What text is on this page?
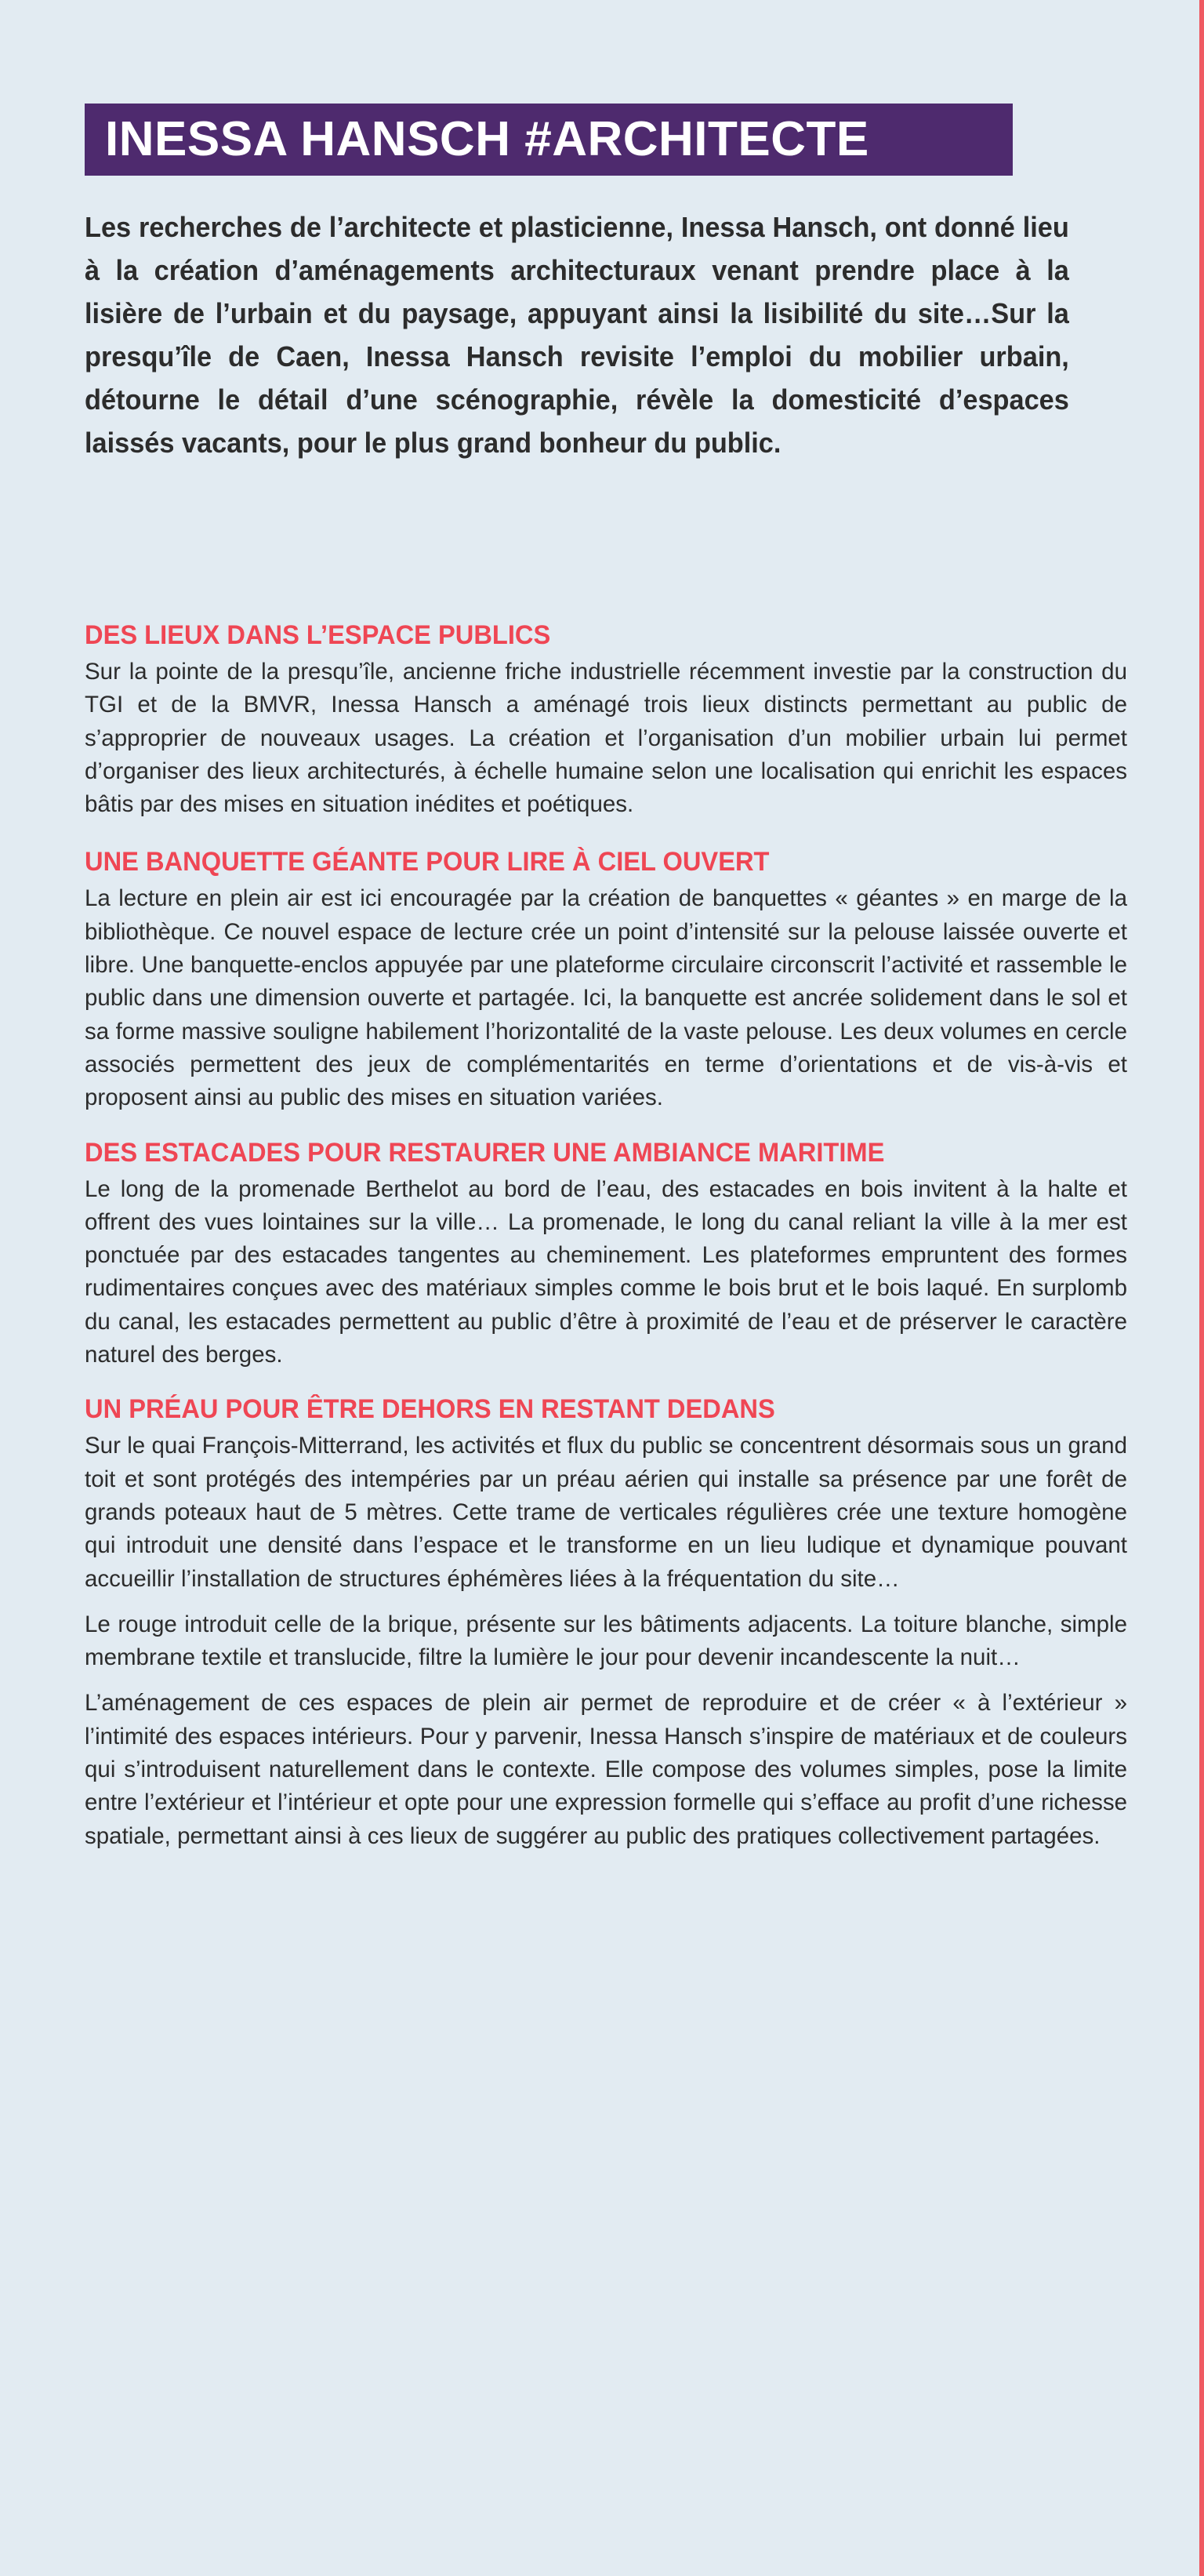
INESSA HANSCH #ARCHITECTE

Les recherches de l’architecte et plasticienne, Inessa Hansch, ont donné lieu à la création d’aménagements architecturaux venant prendre place à la lisière de l’urbain et du paysage, appuyant ainsi la lisibilité du site…Sur la presqu’île de Caen, Inessa Hansch revisite l’emploi du mobilier urbain, détourne le détail d’une scénographie, révèle la domesticité d’espaces laissés vacants, pour le plus grand bonheur du public.

DES LIEUX DANS L’ESPACE PUBLICS

Sur la pointe de la presqu’île, ancienne friche industrielle récemment investie par la construction du TGI et de la BMVR, Inessa Hansch a aménagé trois lieux distincts permettant au public de s’approprier de nouveaux usages. La création et l’organisation d’un mobilier urbain lui permet d’organiser des lieux architecturés, à échelle humaine selon une localisation qui enrichit les espaces bâtis par des mises en situation inédites et poétiques.

UNE BANQUETTE GÉANTE POUR LIRE À CIEL OUVERT

La lecture en plein air est ici encouragée par la création de banquettes « géantes » en marge de la bibliothèque. Ce nouvel espace de lecture crée un point d’intensité sur la pelouse laissée ouverte et libre. Une banquette-enclos appuyée par une plateforme circulaire circonscrit l’activité et rassemble le public dans une dimension ouverte et partagée. Ici, la banquette est ancrée solidement dans le sol et sa forme massive souligne habilement l’horizontalité de la vaste pelouse. Les deux volumes en cercle associés permettent des jeux de complémentarités en terme d’orientations et de vis-à-vis et proposent ainsi au public des mises en situation variées.

DES ESTACADES POUR RESTAURER UNE AMBIANCE MARITIME

Le long de la promenade Berthelot au bord de l’eau, des estacades en bois invitent à la halte et offrent des vues lointaines sur la ville… La promenade, le long du canal reliant la ville à la mer est ponctuée par des estacades tangentes au cheminement. Les plateformes empruntent des formes rudimentaires conçues avec des matériaux simples comme le bois brut et le bois laqué. En surplomb du canal, les estacades permettent au public d’être à proximité de l’eau et de préserver le caractère naturel des berges.

UN PRÉAU POUR ÊTRE DEHORS EN RESTANT DEDANS

Sur le quai François-Mitterrand, les activités et flux du public se concentrent désormais sous un grand toit et sont protégés des intempéries par un préau aérien qui installe sa présence par une forêt de grands poteaux haut de 5 mètres. Cette trame de verticales régulières crée une texture homogène qui introduit une densité dans l’espace et le transforme en un lieu ludique et dynamique pouvant accueillir l’installation de structures éphémères liées à la fréquentation du site…

Le rouge introduit celle de la brique, présente sur les bâtiments adjacents. La toiture blanche, simple membrane textile et translucide, filtre la lumière le jour pour devenir incandescente la nuit…

L’aménagement de ces espaces de plein air permet de reproduire et de créer « à l’extérieur » l’intimité des espaces intérieurs. Pour y parvenir, Inessa Hansch s’inspire de matériaux et de couleurs qui s’introduisent naturellement dans le contexte. Elle compose des volumes simples, pose la limite entre l’extérieur et l’intérieur et opte pour une expression formelle qui s’efface au profit d’une richesse spatiale, permettant ainsi à ces lieux de suggérer au public des pratiques collectivement partagées.
